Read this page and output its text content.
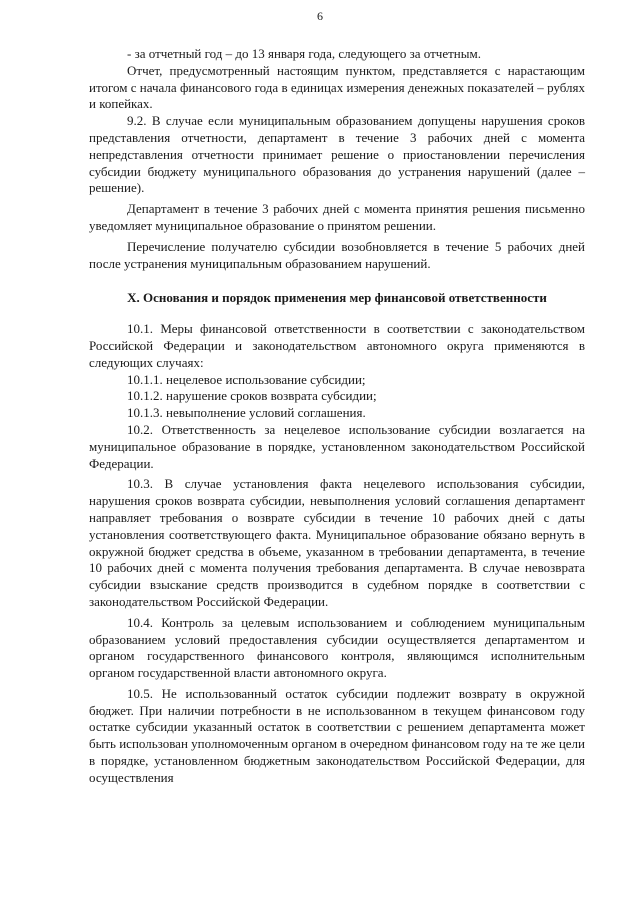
6

- за отчетный год – до 13 января года, следующего за отчетным.

Отчет, предусмотренный настоящим пунктом, представляется с нарастающим итогом с начала финансового года в единицах измерения денежных показателей – рублях и копейках.

9.2. В случае если муниципальным образованием допущены нарушения сроков представления отчетности, департамент в течение 3 рабочих дней с момента непредставления отчетности принимает решение о приостановлении перечисления субсидии бюджету муниципального образования до устранения нарушений (далее – решение).

Департамент в течение 3 рабочих дней с момента принятия решения письменно уведомляет муниципальное образование о принятом решении.

Перечисление получателю субсидии возобновляется в течение 5 рабочих дней после устранения муниципальным образованием нарушений.

X. Основания и порядок применения мер финансовой ответственности

10.1. Меры финансовой ответственности в соответствии с законодательством Российской Федерации и законодательством автономного округа применяются в следующих случаях:

10.1.1. нецелевое использование субсидии;

10.1.2. нарушение сроков возврата субсидии;

10.1.3. невыполнение условий соглашения.

10.2. Ответственность за нецелевое использование субсидии возлагается на муниципальное образование в порядке, установленном законодательством Российской Федерации.

10.3. В случае установления факта нецелевого использования субсидии, нарушения сроков возврата субсидии, невыполнения условий соглашения департамент направляет требования о возврате субсидии в течение 10 рабочих дней с даты установления соответствующего факта. Муниципальное образование обязано вернуть в окружной бюджет средства в объеме, указанном в требовании департамента, в течение 10 рабочих дней с момента получения требования департамента. В случае невозврата субсидии взыскание средств производится в судебном порядке в соответствии с законодательством Российской Федерации.

10.4. Контроль за целевым использованием и соблюдением муниципальным образованием условий предоставления субсидии осуществляется департаментом и органом государственного финансового контроля, являющимся исполнительным органом государственной власти автономного округа.

10.5. Не использованный остаток субсидии подлежит возврату в окружной бюджет. При наличии потребности в не использованном в текущем финансовом году остатке субсидии указанный остаток в соответствии с решением департамента может быть использован уполномоченным органом в очередном финансовом году на те же цели в порядке, установленном бюджетным законодательством Российской Федерации, для осуществления
